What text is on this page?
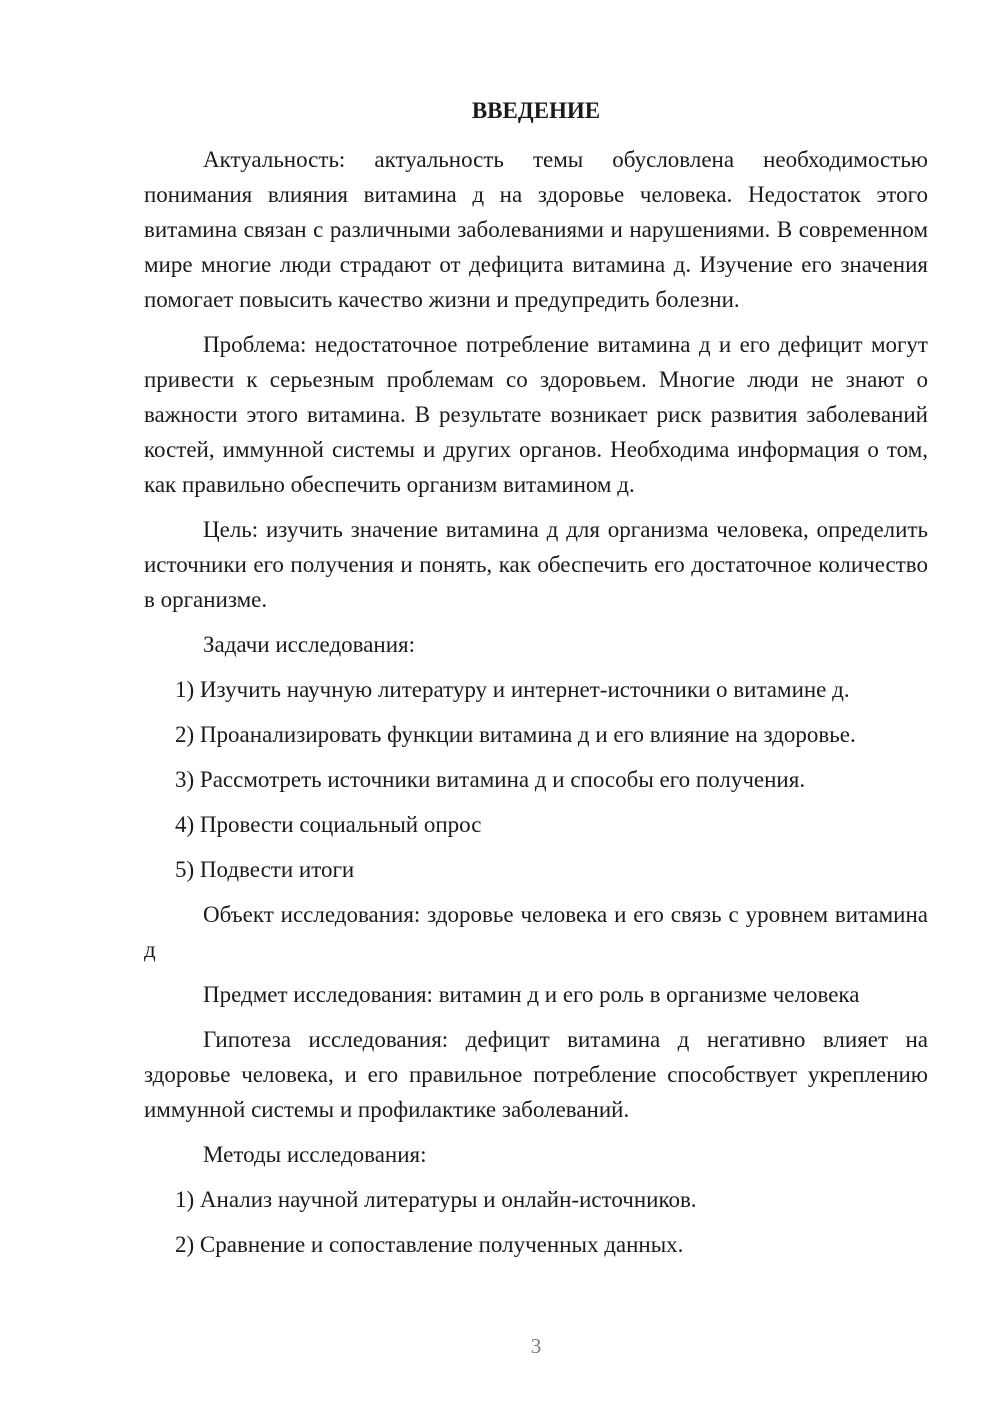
ВВЕДЕНИЕ

Актуальность: актуальность темы обусловлена необходимостью понимания влияния витамина д на здоровье человека. Недостаток этого витамина связан с различными заболеваниями и нарушениями. В современном мире многие люди страдают от дефицита витамина д. Изучение его значения помогает повысить качество жизни и предупредить болезни.

Проблема: недостаточное потребление витамина д и его дефицит могут привести к серьезным проблемам со здоровьем. Многие люди не знают о важности этого витамина. В результате возникает риск развития заболеваний костей, иммунной системы и других органов. Необходима информация о том, как правильно обеспечить организм витамином д.

Цель: изучить значение витамина д для организма человека, определить источники его получения и понять, как обеспечить его достаточное количество в организме.

Задачи исследования:

1) Изучить научную литературу и интернет-источники о витамине д.
2) Проанализировать функции витамина д и его влияние на здоровье.
3) Рассмотреть источники витамина д и способы его получения.
4) Провести социальный опрос
5) Подвести итоги

Объект исследования: здоровье человека и его связь с уровнем витамина д

Предмет исследования: витамин д и его роль в организме человека

Гипотеза исследования: дефицит витамина д негативно влияет на здоровье человека, и его правильное потребление способствует укреплению иммунной системы и профилактике заболеваний.

Методы исследования:

1) Анализ научной литературы и онлайн-источников.
2) Сравнение и сопоставление полученных данных.
3
